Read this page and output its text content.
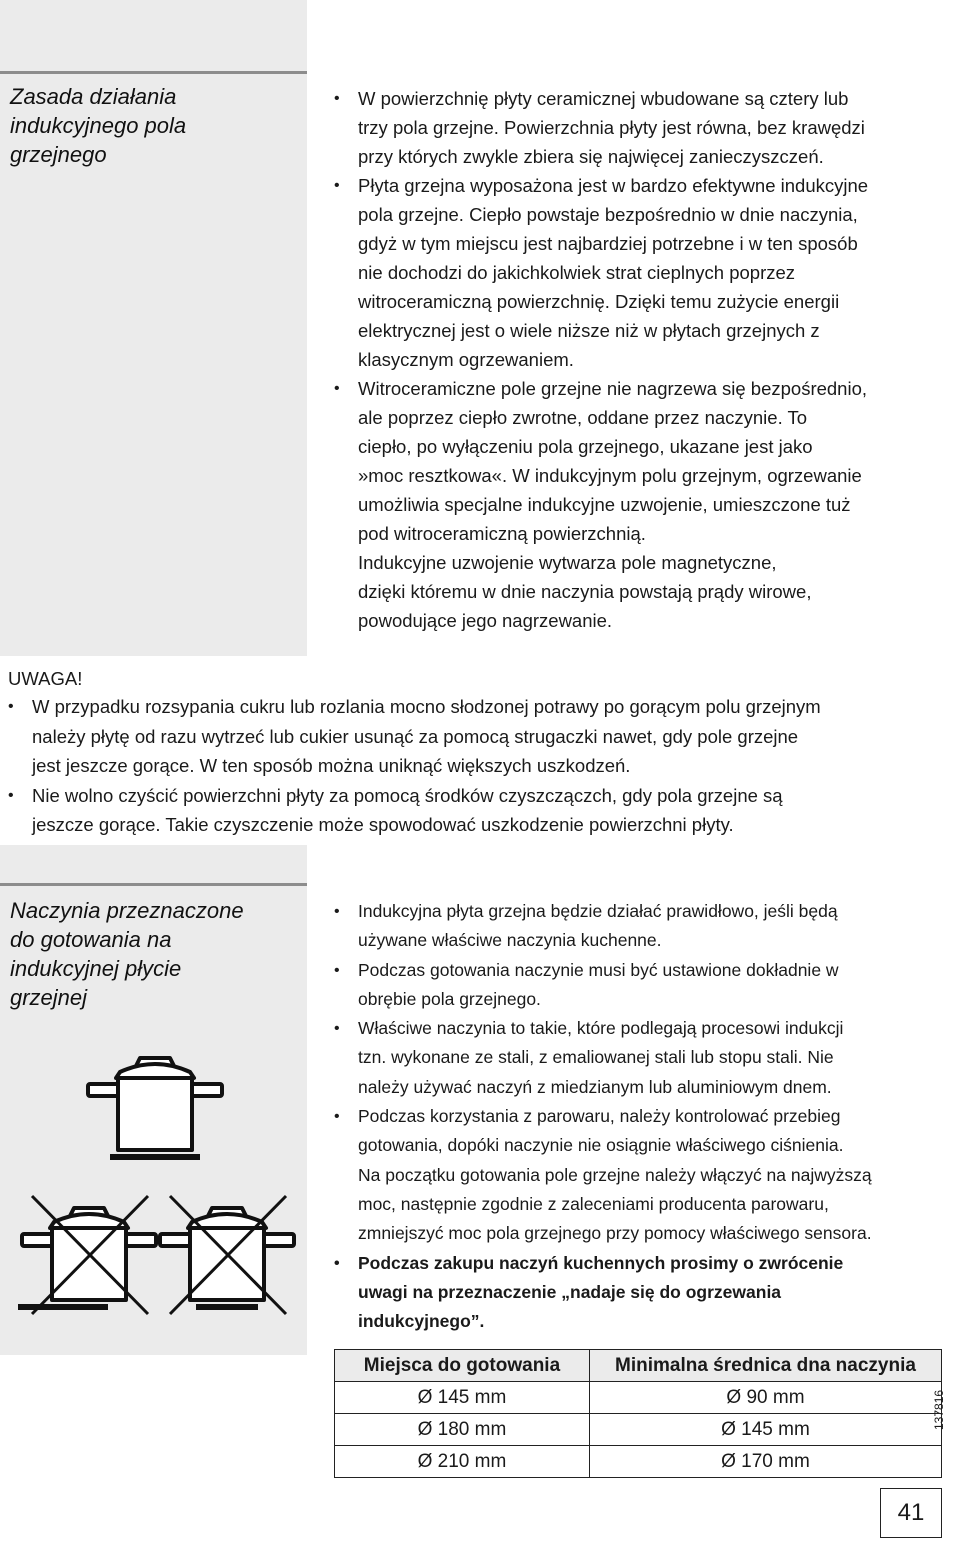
Zasada działania
indukcyjnego pola
grzejnego
• W powierzchnię płyty ceramicznej wbudowane są cztery lub
trzy pola grzejne. Powierzchnia płyty jest równa, bez krawędzi
przy których zwykle zbiera się najwięcej zanieczyszczeń.
• Płyta grzejna wyposażona jest w bardzo efektywne indukcyjne
pola grzejne. Ciepło powstaje bezpośrednio w dnie naczynia,
gdyż w tym miejscu jest najbardziej potrzebne i w ten sposób
nie dochodzi do jakichkolwiek strat cieplnych poprzez
witroceramiczną powierzchnię. Dzięki temu zużycie energii
elektrycznej jest o wiele niższe niż w płytach grzejnych z
klasycznym ogrzewaniem.
• Witroceramiczne pole grzejne nie nagrzewa się bezpośrednio,
ale poprzez ciepło zwrotne, oddane przez naczynie. To
ciepło, po wyłączeniu pola grzejnego, ukazane jest jako
»moc resztkowa«. W indukcyjnym polu grzejnym, ogrzewanie
umożliwia specjalne indukcyjne uzwojenie, umieszczone tuż
pod witroceramiczną powierzchnią.
Indukcyjne uzwojenie wytwarza pole magnetyczne,
dzięki któremu w dnie naczynia powstają prądy wirowe,
powodujące jego nagrzewanie.
UWAGA!
• W przypadku rozsypania cukru lub rozlania mocno słodzonej potrawy po gorącym polu grzejnym
należy płytę od razu wytrzeć lub cukier usunąć za pomocą strugaczki nawet, gdy pole grzejne
jest jeszcze gorące. W ten sposób można uniknąć większych uszkodzeń.
• Nie wolno czyścić powierzchni płyty za pomocą środków czyszczączch, gdy pola grzejne są
jeszcze gorące. Takie czyszczenie może spowodować uszkodzenie powierzchni płyty.
Naczynia przeznaczone
do gotowania na
indukcyjnej płycie
grzejnej
• Indukcyjna płyta grzejna będzie działać prawidłowo, jeśli będą
używane właściwe naczynia kuchenne.
• Podczas gotowania naczynie musi być ustawione dokładnie w
obrębie pola grzejnego.
• Właściwe naczynia to takie, które podlegają procesowi indukcji
tzn. wykonane ze stali, z emaliowanej stali lub stopu stali. Nie
należy używać naczyń z miedzianym lub aluminiowym dnem.
• Podczas korzystania z parowaru, należy kontrolować przebieg
gotowania, dopóki naczynie nie osiągnie właściwego ciśnienia.
Na początku gotowania pole grzejne należy włączyć na najwyższą
moc, następnie zgodnie z zaleceniami producenta parowaru,
zmniejszyć moc pola grzejnego przy pomocy właściwego sensora.
• Podczas zakupu naczyń kuchennych prosimy o zwrócenie
uwagi na przeznaczenie „nadaje się do ogrzewania
indukcyjnego”.
Miejsca do gotowania	Minimalna średnica dna naczynia
Ø 145 mm	Ø 90 mm
Ø 180 mm	Ø 145 mm
Ø 210 mm	Ø 170 mm
137816
41
